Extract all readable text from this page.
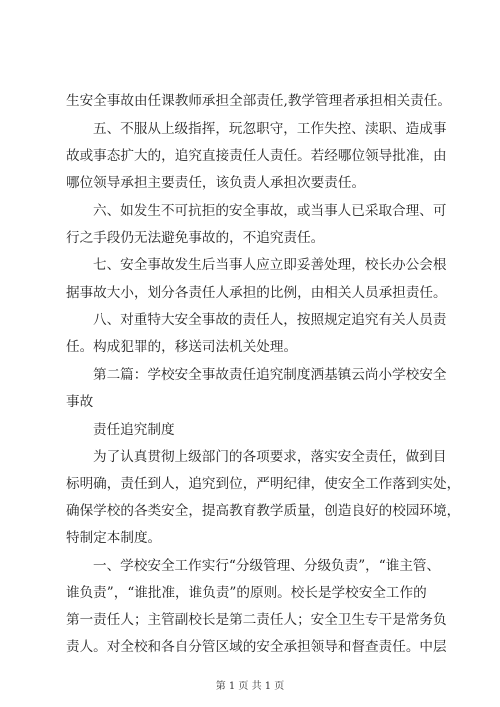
生安全事故由任课教师承担全部责任,教学管理者承担相关责任。
五、不服从上级指挥，玩忽职守，工作失控、渎职、造成事
故或事态扩大的，追究直接责任人责任。若经哪位领导批准，由
哪位领导承担主要责任，该负责人承担次要责任。
六、如发生不可抗拒的安全事故，或当事人已采取合理、可
行之手段仍无法避免事故的，不追究责任。
七、安全事故发生后当事人应立即妥善处理，校长办公会根
据事故大小，划分各责任人承担的比例，由相关人员承担责任。
八、对重特大安全事故的责任人，按照规定追究有关人员责
任。构成犯罪的，移送司法机关处理。
第二篇：学校安全事故责任追究制度洒基镇云尚小学校安全
事故
责任追究制度
为了认真贯彻上级部门的各项要求，落实安全责任，做到目
标明确，责任到人，追究到位，严明纪律，使安全工作落到实处，
确保学校的各类安全，提高教育教学质量，创造良好的校园环境，
特制定本制度。
一、学校安全工作实行“分级管理、分级负责”，“谁主管、
谁负责”，“谁批准，谁负责”的原则。校长是学校安全工作的
第一责任人；主管副校长是第二责任人；安全卫生专干是常务负
责人。对全校和各自分管区域的安全承担领导和督查责任。中层
第 1 页 共 1 页
